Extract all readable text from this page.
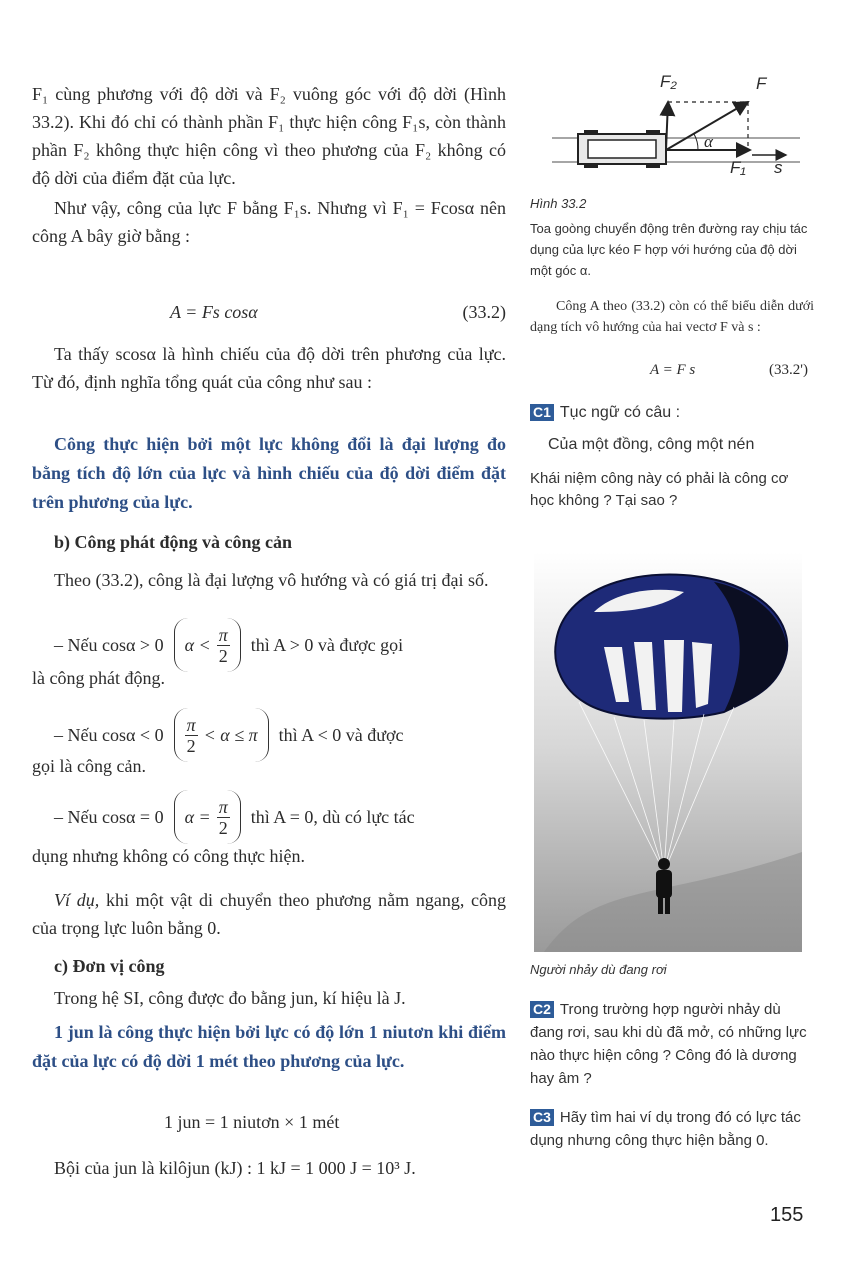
F₁ cùng phương với độ dời và F₂ vuông góc với độ dời (Hình 33.2). Khi đó chỉ có thành phần F₁ thực hiện công F₁s, còn thành phần F₂ không thực hiện công vì theo phương của F₂ không có độ dời của điểm đặt của lực.

Như vậy, công của lực F bằng F₁s. Nhưng vì F₁ = Fcosα nên công A bây giờ bằng :

A = Fs cosα	(33.2)

Ta thấy scosα là hình chiếu của độ dời trên phương của lực. Từ đó, định nghĩa tổng quát của công như sau :

Công thực hiện bởi một lực không đổi là đại lượng đo bằng tích độ lớn của lực và hình chiếu của độ dời điểm đặt trên phương của lực.
b) Công phát động và công cản
Theo (33.2), công là đại lượng vô hướng và có giá trị đại số.
– Nếu cosα > 0 $\alpha < \frac{\pi}{2}$ thì A > 0 và được gọi
là công phát động.
– Nếu $\cos\alpha < 0 \frac{\pi}{2} < \alpha \le \pi$ thì A < 0 và được
gọi là công cản.
– Nếu cosα = 0 $\alpha = \frac{\pi}{2}$ thì A = 0, dù có lực tác
dụng nhưng không có công thực hiện.
Ví dụ, khi một vật di chuyển theo phương nằm ngang, công của trọng lực luôn bằng 0.
c) Đơn vị công
Trong hệ SI, công được đo bằng jun, kí hiệu là J.
1 jun là công thực hiện bởi lực có độ lớn 1 niutơn khi điểm đặt của lực có độ dời 1 mét theo phương của lực.
1 jun = 1 niutơn × 1 mét
Bội của jun là kilôjun (kJ) : 1 kJ = 1 000 J = 10³ J.
F₂	F
α
F₁ s
Hình 33.2
Toa goòng chuyển động trên đường ray chịu tác dụng của lực kéo F hợp với hướng của độ dời một góc α.
Công A theo (33.2) còn có thể biểu diễn dưới dạng tích vô hướng của hai vectơ F và s :
A = F s	(33.2')
C1 Tục ngữ có câu :
Của một đồng, công một nén
Khái niệm công này có phải là công cơ học không ? Tại sao ?
Người nhảy dù đang rơi
C2 Trong trường hợp người nhảy dù đang rơi, sau khi dù đã mở, có những lực nào thực hiện công ? Công đó là dương hay âm ?
C3 Hãy tìm hai ví dụ trong đó có lực tác dụng nhưng công thực hiện bằng 0.
155
